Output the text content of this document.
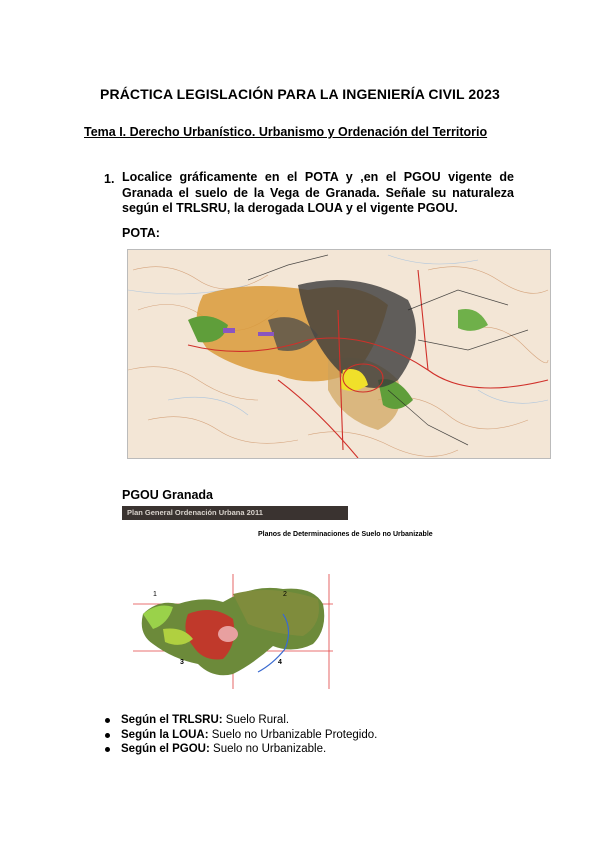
PRÁCTICA LEGISLACIÓN PARA LA INGENIERÍA CIVIL 2023
Tema I. Derecho Urbanístico. Urbanismo y Ordenación del Territorio
1. Localice gráficamente en el POTA y ,en el PGOU vigente de Granada el suelo de la Vega de Granada. Señale su naturaleza según el TRLSRU, la derogada LOUA y el vigente PGOU.
POTA:
PGOU Granada
Plan General Ordenación Urbana 2011
Planos de Determinaciones de Suelo no Urbanizable
1	2
3	4
Según el TRLSRU: Suelo Rural.
Según la LOUA: Suelo no Urbanizable Protegido.
Según el PGOU: Suelo no Urbanizable.
